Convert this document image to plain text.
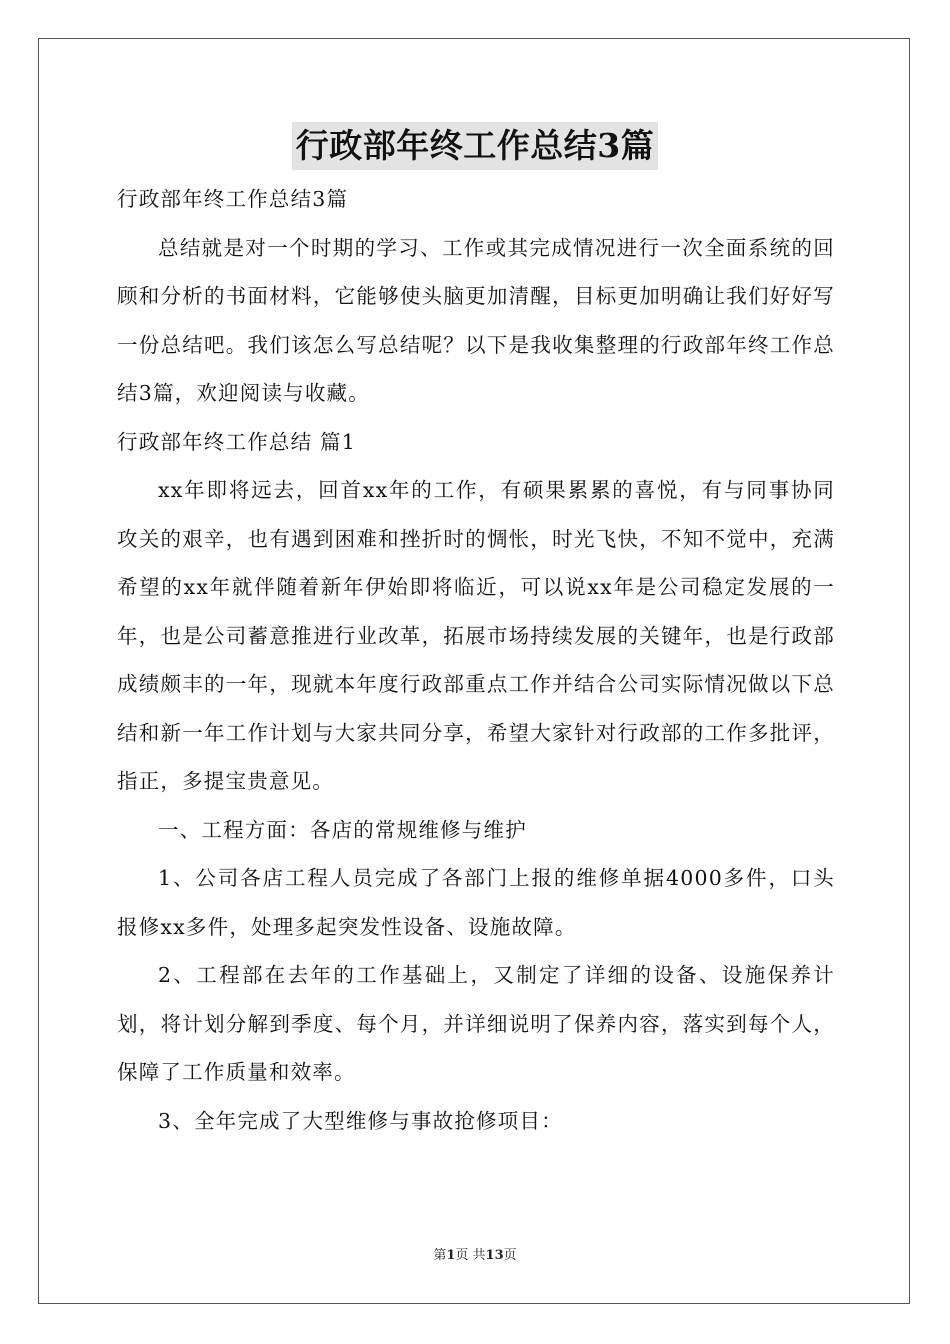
行政部年终工作总结3篇

行政部年终工作总结3篇

总结就是对一个时期的学习、工作或其完成情况进行一次全面系统的回顾和分析的书面材料，它能够使头脑更加清醒，目标更加明确让我们好好写一份总结吧。我们该怎么写总结呢？以下是我收集整理的行政部年终工作总结3篇，欢迎阅读与收藏。

行政部年终工作总结 篇1

xx年即将远去，回首xx年的工作，有硕果累累的喜悦，有与同事协同攻关的艰辛，也有遇到困难和挫折时的惆怅，时光飞快，不知不觉中，充满希望的xx年就伴随着新年伊始即将临近，可以说xx年是公司稳定发展的一年，也是公司蓄意推进行业改革，拓展市场持续发展的关键年，也是行政部成绩颇丰的一年，现就本年度行政部重点工作并结合公司实际情况做以下总结和新一年工作计划与大家共同分享，希望大家针对行政部的工作多批评，指正，多提宝贵意见。

一、工程方面：各店的常规维修与维护

1、公司各店工程人员完成了各部门上报的维修单据4000多件，口头报修xx多件，处理多起突发性设备、设施故障。

2、工程部在去年的工作基础上，又制定了详细的设备、设施保养计划，将计划分解到季度、每个月，并详细说明了保养内容，落实到每个人，保障了工作质量和效率。

3、全年完成了大型维修与事故抢修项目：

第1页 共13页
